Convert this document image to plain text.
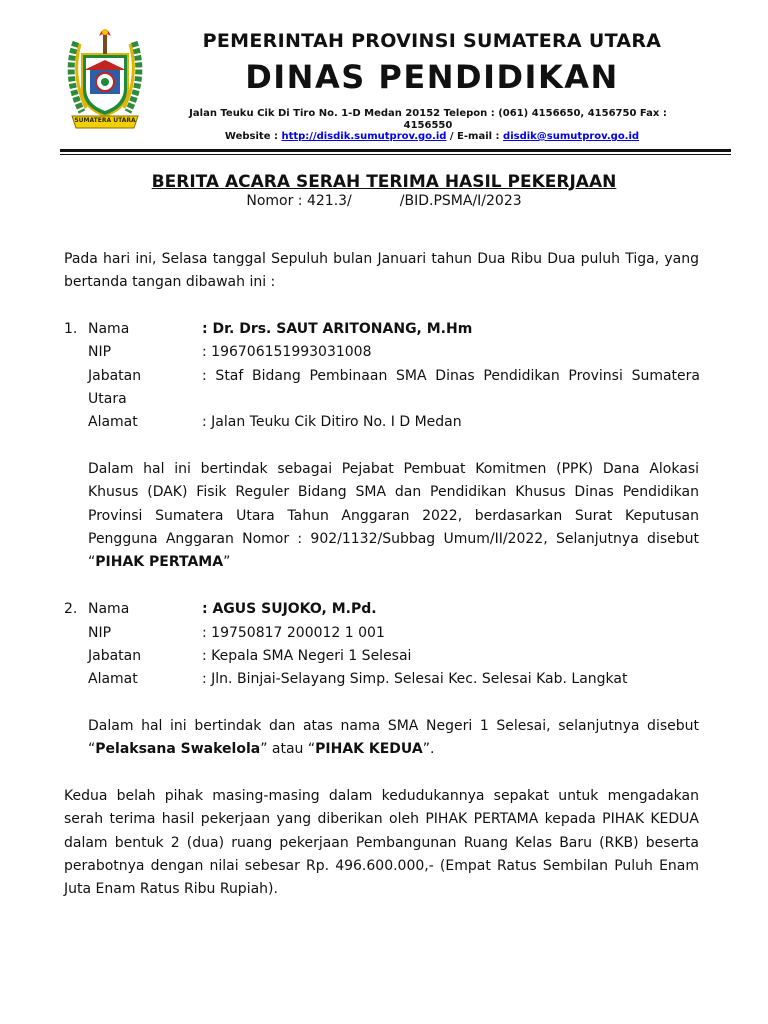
SUMATERA UTARA
PEMERINTAH PROVINSI SUMATERA UTARA
DINAS PENDIDIKAN
Jalan Teuku Cik Di Tiro No. 1-D Medan 20152 Telepon : (061) 4156650, 4156750 Fax : 4156550
Website : http://disdik.sumutprov.go.id / E-mail : disdik@sumutprov.go.id
BERITA ACARA SERAH TERIMA HASIL PEKERJAAN
Nomor : 421.3/	/BID.PSMA/I/2023
Pada hari ini, Selasa tanggal Sepuluh bulan Januari tahun Dua Ribu Dua puluh Tiga, yang bertanda tangan dibawah ini :
1. Nama	: Dr. Drs. SAUT ARITONANG, M.Hm
NIP	: 196706151993031008
Jabatan	: Staf Bidang Pembinaan SMA Dinas Pendidikan Provinsi Sumatera
Utara
Alamat	: Jalan Teuku Cik Ditiro No. I D Medan
Dalam hal ini bertindak sebagai Pejabat Pembuat Komitmen (PPK) Dana Alokasi Khusus (DAK) Fisik Reguler Bidang SMA dan Pendidikan Khusus Dinas Pendidikan Provinsi Sumatera Utara Tahun Anggaran 2022, berdasarkan Surat Keputusan Pengguna Anggaran Nomor : 902/1132/Subbag Umum/II/2022, Selanjutnya disebut “PIHAK PERTAMA”
2. Nama	: AGUS SUJOKO, M.Pd.
NIP	: 19750817 200012 1 001
Jabatan	: Kepala SMA Negeri 1 Selesai
Alamat	: Jln. Binjai-Selayang Simp. Selesai Kec. Selesai Kab. Langkat
Dalam hal ini bertindak dan atas nama SMA Negeri 1 Selesai, selanjutnya disebut “Pelaksana Swakelola” atau “PIHAK KEDUA”.
Kedua belah pihak masing-masing dalam kedudukannya sepakat untuk mengadakan serah terima hasil pekerjaan yang diberikan oleh PIHAK PERTAMA kepada PIHAK KEDUA dalam bentuk 2 (dua) ruang pekerjaan Pembangunan Ruang Kelas Baru (RKB) beserta perabotnya dengan nilai sebesar Rp. 496.600.000,- (Empat Ratus Sembilan Puluh Enam Juta Enam Ratus Ribu Rupiah).
